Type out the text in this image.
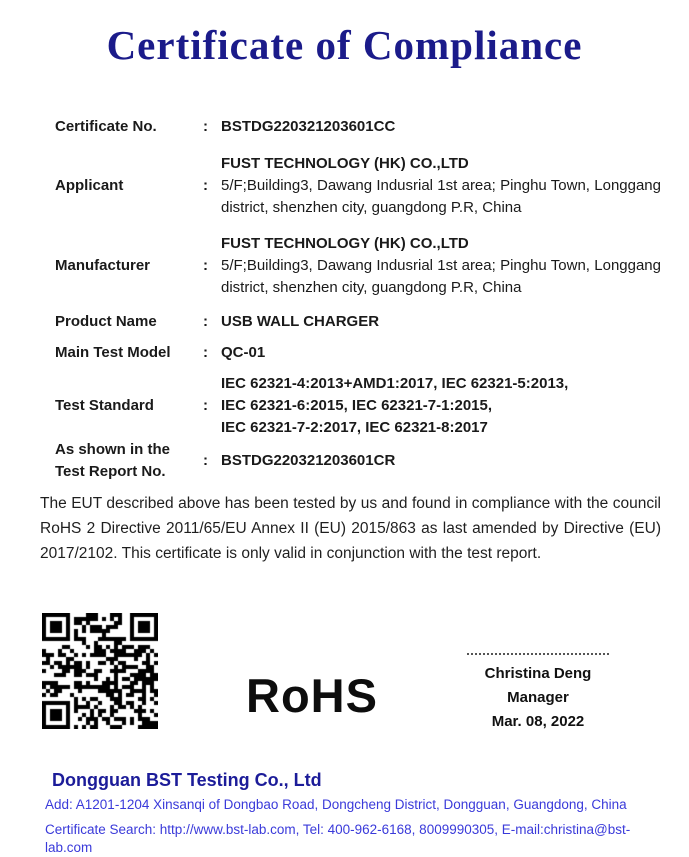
Certificate of Compliance
Certificate No.	: BSTDG220321203601CC
Applicant	:
FUST TECHNOLOGY (HK) CO.,LTD
5/F;Building3, Dawang Indusrial 1st area; Pinghu Town, Longgang district, shenzhen city, guangdong P.R, China
Manufacturer	:
FUST TECHNOLOGY (HK) CO.,LTD
5/F;Building3, Dawang Indusrial 1st area; Pinghu Town, Longgang district, shenzhen city, guangdong P.R, China
Product Name	: USB WALL CHARGER
Main Test Model	: QC-01
Test Standard	:
IEC 62321-4:2013+AMD1:2017, IEC 62321-5:2013,
IEC 62321-6:2015, IEC 62321-7-1:2015,
IEC 62321-7-2:2017, IEC 62321-8:2017
As shown in the
Test Report No.
: BSTDG220321203601CR
The EUT described above has been tested by us and found in compliance with the council RoHS 2 Directive 2011/65/EU Annex II (EU) 2015/863 as last amended by Directive (EU) 2017/2102. This certificate is only valid in conjunction with the test report.
RoHS	Christina Deng
Manager
Mar. 08, 2022
Dongguan BST Testing Co., Ltd
Add: A1201-1204 Xinsanqi of Dongbao Road, Dongcheng District, Dongguan, Guangdong, China
Certificate Search: http://www.bst-lab.com, Tel: 400-962-6168, 8009990305, E-mail:christina@bst-lab.com
